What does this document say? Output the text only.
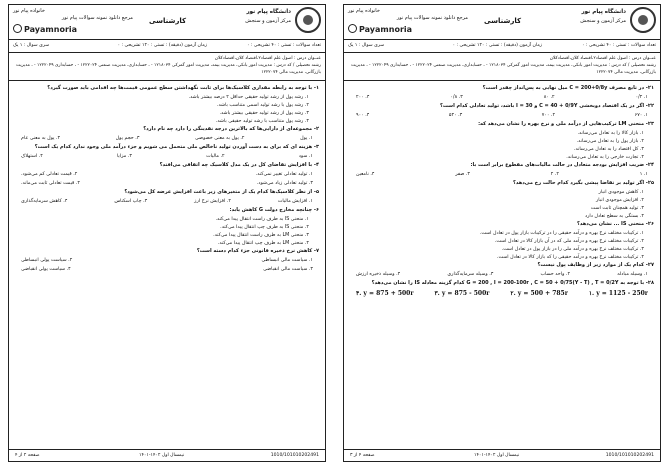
دانشگاه پیام نور
مرکز آزمون و سنجش
کارشناسی
خانواده پیام نور
مرجع دانلود نمونه سوالات پیام نور
Payamnoria
تعداد سوالات : تستی : ۴۰ تشریحی : ۰
زمان آزمون (دقیقه) : تستی : ۱۲۰ تشریحی : ۰
سری سوال : ۱ یک
عنــوان درس : اصول علم اقتصاد۲،اقتصاد کلان،اقتصادکلان
رشته تحصیلی / کد درس : مدیریت امور بانکی، مدیریت بیمه، مدیریت امور گمرکی ۱۲۱۸۰۳۴ - ، حسابداری، مدیریت صنعتی ۱۲۲۲۰۲۴ - ، حسابداری ۱۲۲۲۰۴۹ - ، مدیریت بازرگانی، مدیریت مالی ۱۲۲۲۰۷۴
۲۱- در تابع مصرف C = 200+0/8y میل نهایی به پس‌انداز چقدر است؟
۱. ۰/۲
۲. ۸۰
۳. ۰/۸
۴. ۲۰۰
۲۲- اگر در یک اقتصاد دوبخشی C = 40 + 0/9Y و I = 30 باشد، تولید تعادلی کدام است؟
۱. ۶۷۰
۲. ۷۰۰
۳. ۵۴۰
۴. ۹۰۰
۲۳- منحنی LM ترکیب‌هایی از درآمد ملی و نرخ بهره را نشان می‌دهد که:
۱. بازار کالا را به تعادل می‌رساند.
۲. بازار پول را به تعادل می‌رساند.
۳. کل اقتصاد را به تعادل می‌رساند.
۴. تجارت خارجی را به تعادل می‌رساند.
۲۴- ضریب افزایش بودجه متعادل در حالت مالیات‌های مقطوع برابر است با:
۱. ۱
۲. ۲
۳. صفر
۴. نامعین
۲۵- اگر تولید بر تقاضا پیشی بگیرد کدام حالت رخ می‌دهد؟
۱. کاهش موجودی انبار
۲. افزایش موجودی انبار
۳. تولید همچنان ثابت است
۴. بستگی به سطح تعادل دارد
۲۶- منحنی IS ... نشان می‌دهد؟
۱. ترکیبات مختلف نرخ بهره و درآمد حقیقی را در ترکیبات بازار پول در تعادل است.
۲. ترکیبات مختلف نرخ بهره و درآمد ملی که در آن بازار کالا در تعادل است.
۳. ترکیبات مختلف نرخ بهره و درآمد ملی را در بازار پول در تعادل است.
۴. ترکیبات مختلف نرخ بهره و درآمد حقیقی را که بازار کالا در تعادل است.
۲۷- کدام یک از موارد زیر از وظایف پول نیست؟
۱. وسیله مبادله
۲. واحد حساب
۳. وسیله سرمایه‌گذاری
۴. وسیله ذخیره ارزش
۲۸- با توجه به G = 200 , I = 200-100r , C = 50 + 0/75(Y - T) , T = 0/2Y کدام گزینه معادله IS را نشان می‌دهد؟
۴. y = 875 + 500r	۳. y = 875 - 500r	۲. y = 500 + 785r	۱. y = 1125 - 250r
صفحه ۴ از ۳	نیمسال اول ۱۴۰۲-۱۴۰۱	1010/101010202491
دانشگاه پیام نور
مرکز آزمون و سنجش
کارشناسی
خانواده پیام نور
مرجع دانلود نمونه سوالات پیام نور
Payamnoria
تعداد سوالات : تستی : ۴۰ تشریحی : ۰
زمان آزمون (دقیقه) : تستی : ۱۲۰ تشریحی : ۰
سری سوال : ۱ یک
عنــوان درس : اصول علم اقتصاد۲،اقتصاد کلان،اقتصادکلان
رشته تحصیلی / کد درس : مدیریت امور بانکی، مدیریت بیمه، مدیریت امور گمرکی ۱۲۱۸۰۳۴ - ، حسابداری، مدیریت صنعتی ۱۲۲۲۰۲۴ - ، حسابداری ۱۲۲۲۰۴۹ - ، مدیریت بازرگانی، مدیریت مالی ۱۲۲۲۰۷۴
۱- با توجه به رابطه مقداری کلاسیک‌ها برای ثابت نگهداشتن سطح عمومی قیمت‌ها چه اقدامی باید صورت گیرد؟
۱. رشد پول از رشد تولید حقیقی حداقل ۲ درصد بیشتر باشد.
۲. رشد پول با رشد تولید اسمی متناسب باشد.
۳. رشد پول از رشد تولید حقیقی بیشتر باشد.
۴. رشد پول متناسب با رشد تولید حقیقی باشد.
۲- مجموعه‌ای از دارایی‌ها که بالاترین درجه نقدینگی را دارد چه نام دارد؟
۱. پول
۲. پول به معنی خصوصی
۳. حجم پول
۴. پول به معنی عام
۳- هزینه ای که برای به دست آوردن تولید ناخالص ملی متحمل می شویم و جزء درآمد ملی وجود ندارد کدام یک است؟
۱. سود
۲. مالیات
۳. مزایا
۴. استهلاک
۴- با افزایش تقاضای کل در یک مدل کلاسیک چه اتفاقی می‌افتد؟
۱. تولید تعادلی تغییر نمی‌کند.
۲. قیمت تعادلی کم می‌شود.
۳. تولید تعادلی زیاد می‌شود.
۴. قیمت تعادلی ثابت می‌ماند.
۵- از نظر کلاسیک‌ها کدام یک از متغیرهای زیر باعث افزایش عرضه کل می‌شود؟
۱. افزایش مالیات
۲. افزایش نرخ ارز
۳. چاپ اسکناس
۴. کاهش سرمایه‌گذاری
۶- چنانچه مخارج دولت G کاهش یابد:
۱. منحنی IS به طرف راست انتقال پیدا می‌کند.
۲. منحنی IS به طرف چپ انتقال پیدا می‌کند.
۳. منحنی LM به طرف راست انتقال پیدا می‌کند.
۴. منحنی LM به طرف چپ انتقال پیدا می‌کند.
۷- کاهش نرخ ذخیره قانونی جزء کدام دسته است؟
۱. سیاست مالی انبساطی
۲. سیاست پولی انبساطی
۳. سیاست مالی انقباضی
۴. سیاست پولی انقباضی
صفحه ۲ از ۴	نیمسال اول ۱۴۰۲-۱۴۰۱	1010/101010202491
